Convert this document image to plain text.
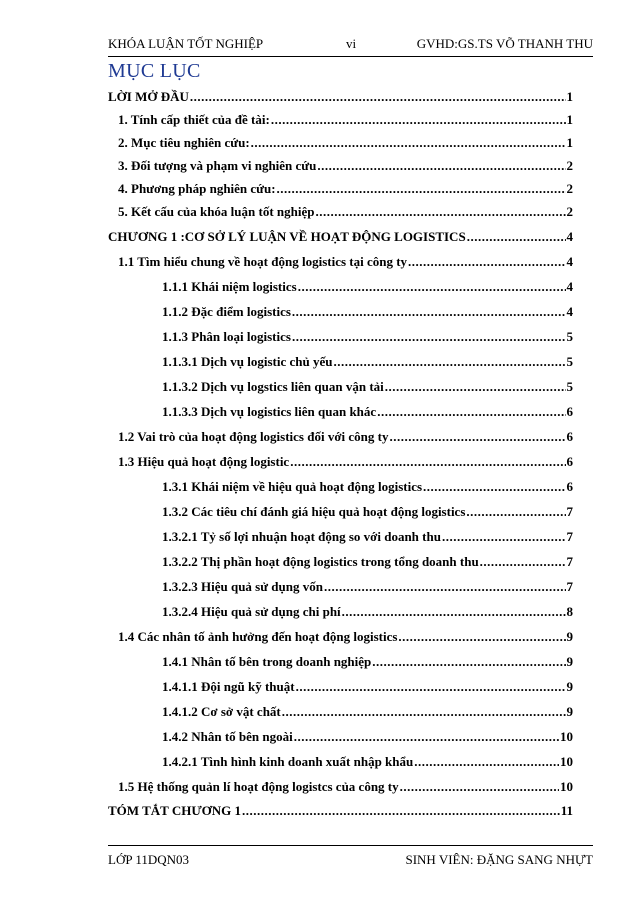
KHÓA LUẬN TỐT NGHIỆP	vi	GVHD:GS.TS VÕ THANH THU
MỤC LỤC
LỜI MỞ ĐẦU .....	1
1. Tính cấp thiết của đề tài: .....	1
2. Mục tiêu nghiên cứu: .....	1
3. Đối tượng và phạm vi nghiên cứu .....	2
4. Phương pháp nghiên cứu: .....	2
5. Kết cấu của khóa luận tốt nghiệp .....	2
CHƯƠNG 1 :CƠ SỞ LÝ LUẬN VỀ HOẠT ĐỘNG LOGISTICS .....	4
1.1 Tìm hiểu chung về hoạt động logistics tại công ty .....	4
1.1.1 Khái niệm logistics .....	4
1.1.2 Đặc điểm logistics .....	4
1.1.3 Phân loại logistics .....	5
1.1.3.1 Dịch vụ logistic chủ yếu .....	5
1.1.3.2 Dịch vụ logstics liên quan vận tải .....	5
1.1.3.3 Dịch vụ logistics liên quan khác .....	6
1.2 Vai trò của hoạt động logistics đối với công ty .....	6
1.3 Hiệu quả hoạt động logistic .....	6
1.3.1 Khái niệm về hiệu quả hoạt động logistics .....	6
1.3.2 Các tiêu chí đánh giá hiệu quả hoạt động logistics .....	7
1.3.2.1 Tỷ số lợi nhuận hoạt động so với doanh thu .....	7
1.3.2.2 Thị phần hoạt động logistics trong tổng doanh thu .....	7
1.3.2.3 Hiệu quả sử dụng vốn .....	7
1.3.2.4 Hiệu quả sử dụng chi phí .....	8
1.4 Các nhân tố ảnh hưởng đến hoạt động logistics .....	9
1.4.1 Nhân tố bên trong doanh nghiệp .....	9
1.4.1.1 Đội ngũ kỹ thuật .....	9
1.4.1.2 Cơ sở vật chất .....	9
1.4.2 Nhân tố bên ngoài .....	10
1.4.2.1 Tình hình kinh doanh xuất nhập khẩu .....	10
1.5 Hệ thống quản lí hoạt động logistcs của công ty .....	10
TÓM TẮT CHƯƠNG 1 .....	11
LỚP 11DQN03	SINH VIÊN: ĐẶNG SANG NHỰT
